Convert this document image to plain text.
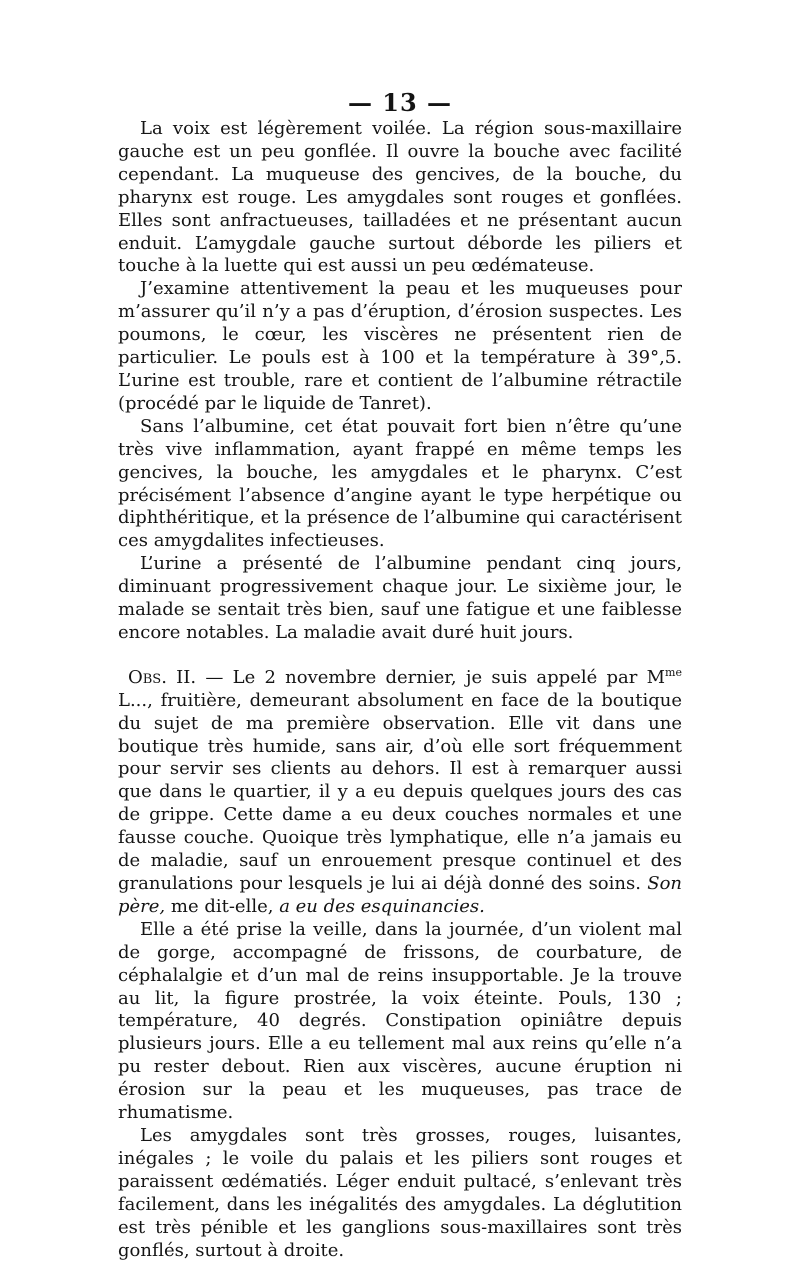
— 13 —

La voix est légèrement voilée. La région sous-maxillaire gauche est un peu gonflée. Il ouvre la bouche avec facilité cependant. La muqueuse des gencives, de la bouche, du pharynx est rouge. Les amygdales sont rouges et gonflées. Elles sont anfractueuses, tailladées et ne présentant aucun enduit. L’amygdale gauche surtout déborde les piliers et touche à la luette qui est aussi un peu œdémateuse.

J’examine attentivement la peau et les muqueuses pour m’assurer qu’il n’y a pas d’éruption, d’érosion suspectes. Les poumons, le cœur, les viscères ne présentent rien de particulier. Le pouls est à 100 et la température à 39°,5. L’urine est trouble, rare et contient de l’albumine rétractile (procédé par le liquide de Tanret).

Sans l’albumine, cet état pouvait fort bien n’être qu’une très vive inflammation, ayant frappé en même temps les gencives, la bouche, les amygdales et le pharynx. C’est précisément l’absence d’angine ayant le type herpétique ou diphthéritique, et la présence de l’albumine qui caractérisent ces amygdalites infectieuses.

L’urine a présenté de l’albumine pendant cinq jours, diminuant progressivement chaque jour. Le sixième jour, le malade se sentait très bien, sauf une fatigue et une faiblesse encore notables. La maladie avait duré huit jours.

Obs. II. — Le 2 novembre dernier, je suis appelé par $M^{me}$ L..., fruitière, demeurant absolument en face de la boutique du sujet de ma première observation. Elle vit dans une boutique très humide, sans air, d’où elle sort fréquemment pour servir ses clients au dehors. Il est à remarquer aussi que dans le quartier, il y a eu depuis quelques jours des cas de grippe. Cette dame a eu deux couches normales et une fausse couche. Quoique très lymphatique, elle n’a jamais eu de maladie, sauf un enrouement presque continuel et des granulations pour lesquels je lui ai déjà donné des soins. Son père, me dit-elle, a eu des esquinancies.

Elle a été prise la veille, dans la journée, d’un violent mal de gorge, accompagné de frissons, de courbature, de céphalalgie et d’un mal de reins insupportable. Je la trouve au lit, la figure prostrée, la voix éteinte. Pouls, 130 ; température, 40 degrés. Constipation opiniâtre depuis plusieurs jours. Elle a eu tellement mal aux reins qu’elle n’a pu rester debout. Rien aux viscères, aucune éruption ni érosion sur la peau et les muqueuses, pas trace de rhumatisme.

Les amygdales sont très grosses, rouges, luisantes, inégales ; le voile du palais et les piliers sont rouges et paraissent œdématiés. Léger enduit pultacé, s’enlevant très facilement, dans les inégalités des amygdales. La déglutition est très pénible et les ganglions sous-maxillaires sont très gonflés, surtout à droite.
